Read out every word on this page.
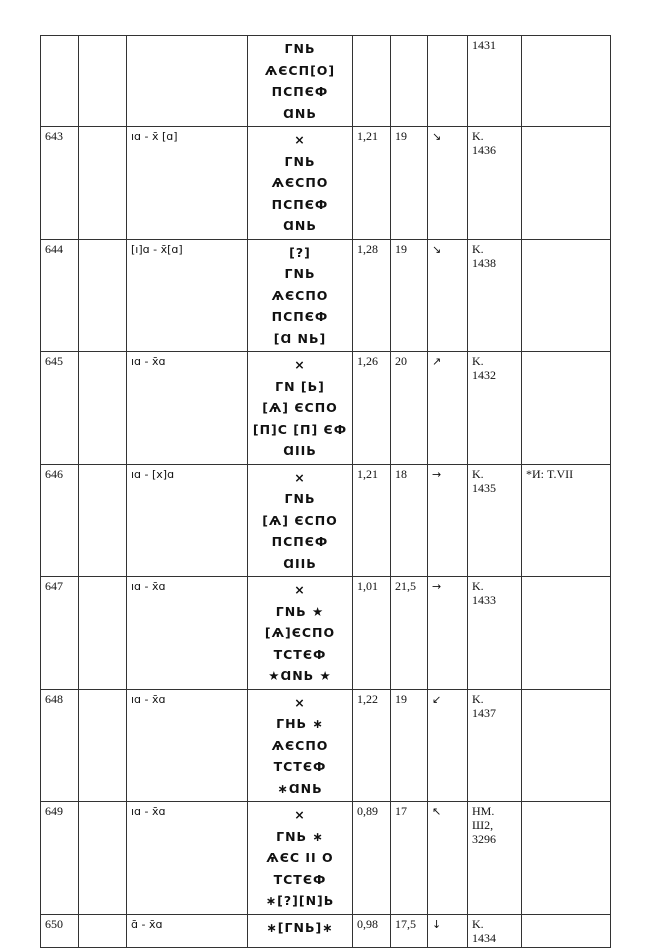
			ΓΝЬ
ѦЄϹП[О]
ПϹПЄФ
ⱭΝЬ				1431	
643		ıɑ - x̄ [ɑ]	×
ΓΝЬ
ѦЄϹПО
ПϹПЄФ
ⱭΝЬ	1,21	19	↘	K.
1436	
644		[ı]ɑ - x̄[ɑ]	[?]
ΓΝЬ
ѦЄϹПО
ПϹПЄФ
[Ɑ ΝЬ]	1,28	19	↘	K.
1438	
645		ıɑ - x̄ɑ	×
ΓΝ [Ь]
[Ѧ] ЄϹПО
[П]Ϲ [П] ЄФ
ⱭΙΙЬ	1,26	20	↗	K.
1432	
646		ıɑ - [x]ɑ	×
ΓΝЬ
[Ѧ] ЄϹПО
ПϹПЄФ
ⱭΙΙЬ	1,21	18	→	K.
1435	*И: T.VII
647		ıɑ - x̄ɑ	×
ΓΝЬ ★
[Ѧ]ЄϹПО
ТϹТЄФ
★ⱭΝЬ ★	1,01	21,5	→	K.
1433	
648		ıɑ - x̄ɑ	×
ΓΗЬ ∗
ѦЄϹПО
ТϹТЄФ
∗ⱭΝЬ	1,22	19	↙	K.
1437	
649		ıɑ - x̄ɑ	×
ΓΝЬ ∗
ѦЄϹ ΙΙ О
ТϹТЄФ
∗[?][Ν]Ь	0,89	17	↖	НМ.
Ш2,
3296	
650		ɑ̄ - x̄ɑ	∗[ΓΝЬ]∗	0,98	17,5	↓	K.
1434	
